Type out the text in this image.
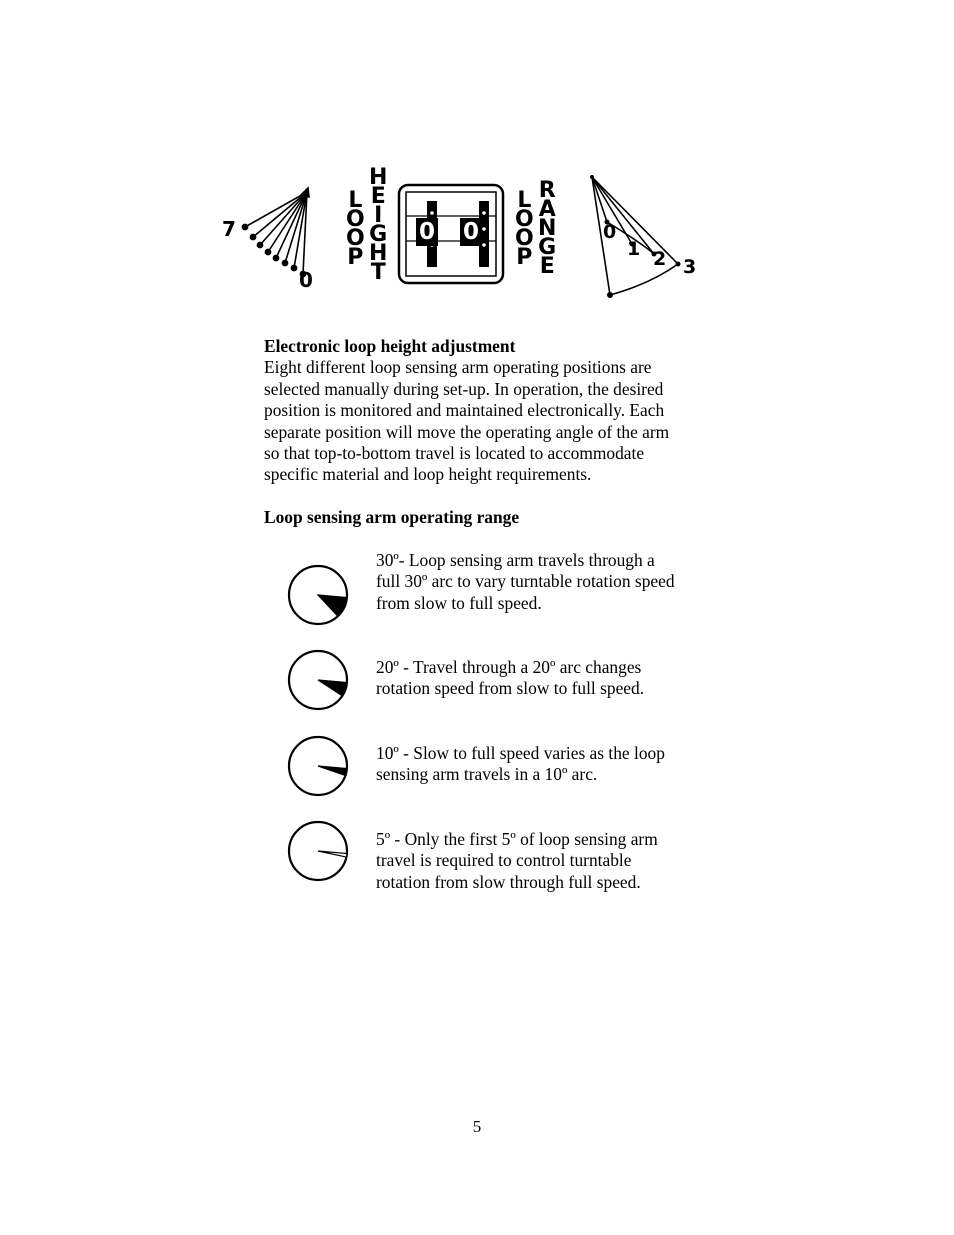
7
0
L
O
O
P
H
E
I
G
H
T
0 0
L
O
O
P
R
A
N
G
E
0
1 2 3
Electronic loop height adjustment
Eight different loop sensing arm operating positions are
selected manually during set-up. In operation, the desired
position is monitored and maintained electronically. Each
separate position will move the operating angle of the arm
so that top-to-bottom travel is located to accommodate
specific material and loop height requirements.
Loop sensing arm operating range
30º- Loop sensing arm travels through a
full 30º arc to vary turntable rotation speed
from slow to full speed.
20º - Travel through a 20º arc changes
rotation speed from slow to full speed.
10º - Slow to full speed varies as the loop
sensing arm travels in a 10º arc.
5º - Only the first 5º of loop sensing arm
travel is required to control turntable
rotation from slow through full speed.
5
